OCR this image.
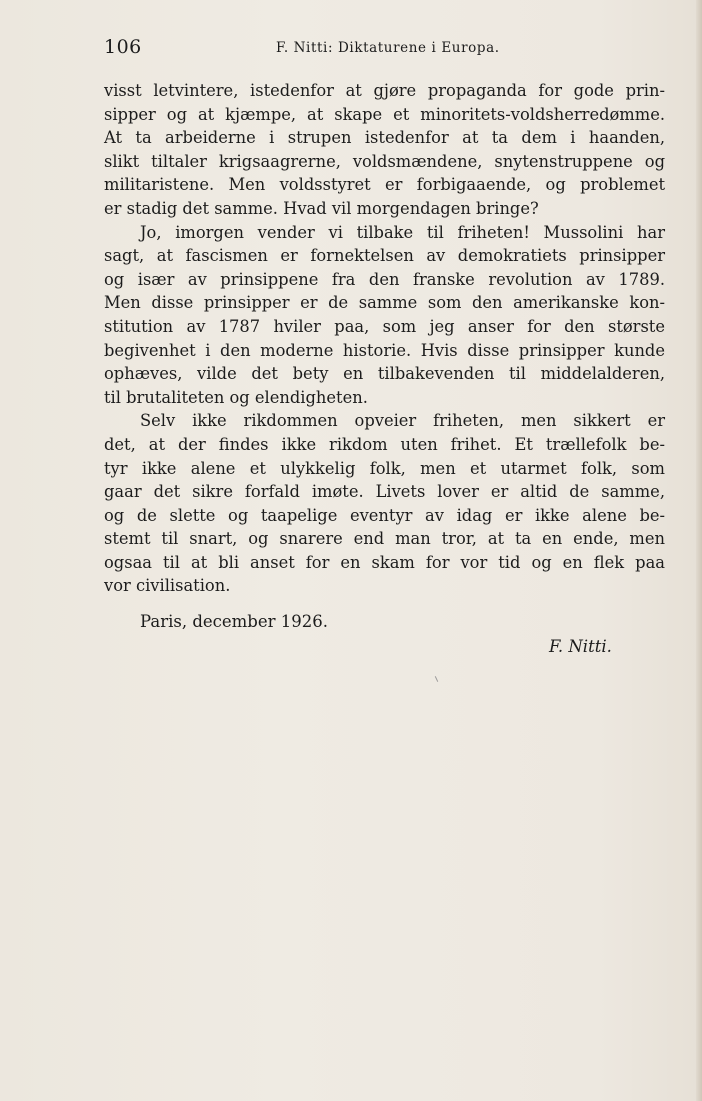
106	F. Nitti: Diktaturene i Europa.
visst letvintere, istedenfor at gjøre propaganda for gode prin-
sipper og at kjæmpe, at skape et minoritets-voldsherredømme.
At ta arbeiderne i strupen istedenfor at ta dem i haanden,
slikt tiltaler krigsaagrerne, voldsmændene, snytenstruppene og
militaristene. Men voldsstyret er forbigaaende, og problemet
er stadig det samme. Hvad vil morgendagen bringe?
Jo, imorgen vender vi tilbake til friheten! Mussolini har
sagt, at fascismen er fornektelsen av demokratiets prinsipper
og især av prinsippene fra den franske revolution av 1789.
Men disse prinsipper er de samme som den amerikanske kon-
stitution av 1787 hviler paa, som jeg anser for den største
begivenhet i den moderne historie. Hvis disse prinsipper kunde
ophæves, vilde det bety en tilbakevenden til middelalderen,
til brutaliteten og elendigheten.
Selv ikke rikdommen opveier friheten, men sikkert er
det, at der findes ikke rikdom uten frihet. Et trællefolk be-
tyr ikke alene et ulykkelig folk, men et utarmet folk, som
gaar det sikre forfald imøte. Livets lover er altid de samme,
og de slette og taapelige eventyr av idag er ikke alene be-
stemt til snart, og snarere end man tror, at ta en ende, men
ogsaa til at bli anset for en skam for vor tid og en flek paa
vor civilisation.
Paris, december 1926.
F. Nitti.
